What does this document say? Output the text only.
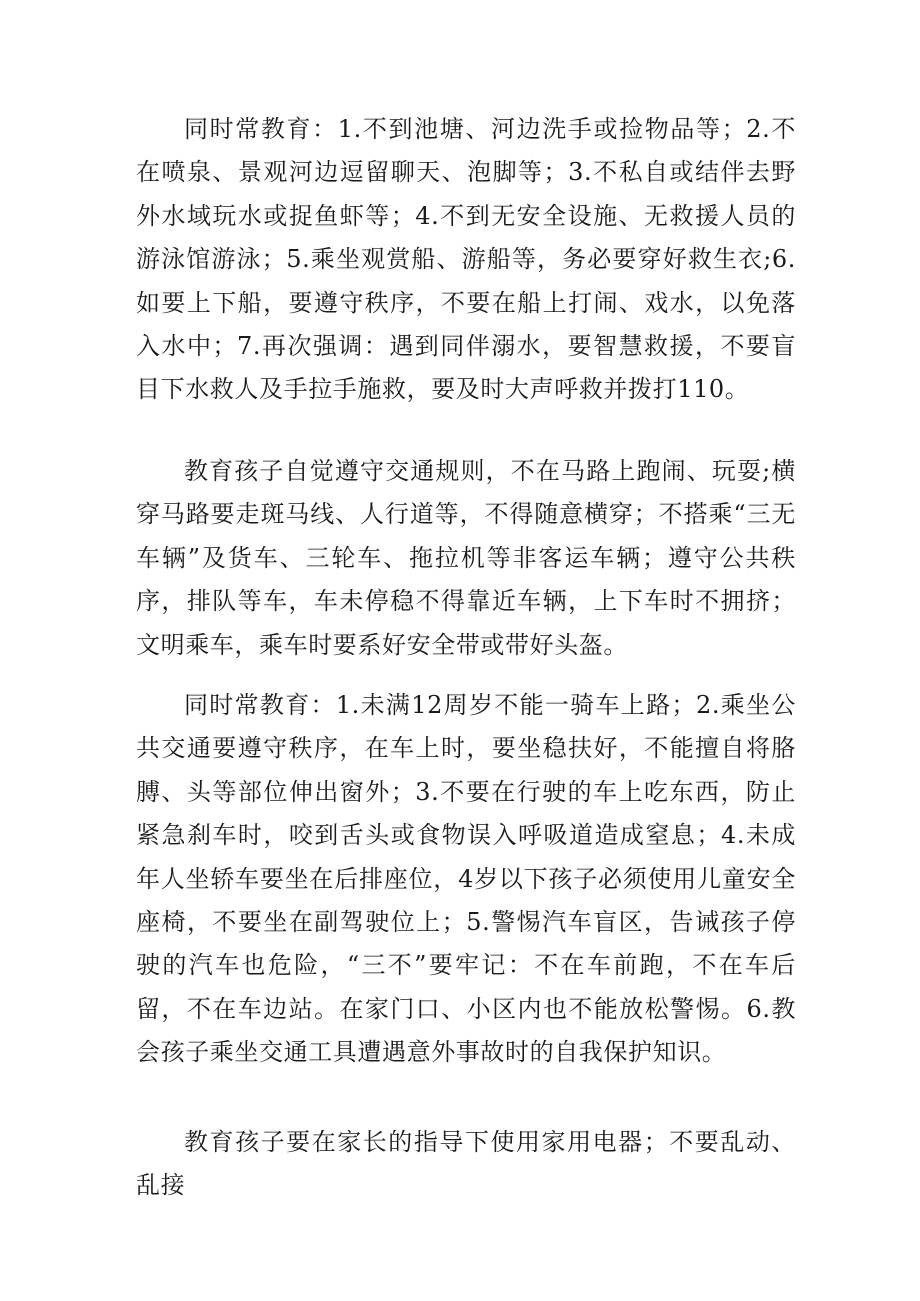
同时常教育：1.不到池塘、河边洗手或捡物品等；2.不在喷泉、景观河边逗留聊天、泡脚等；3.不私自或结伴去野外水域玩水或捉鱼虾等；4.不到无安全设施、无救援人员的游泳馆游泳；5.乘坐观赏船、游船等，务必要穿好救生衣;6.如要上下船，要遵守秩序，不要在船上打闹、戏水，以免落入水中；7.再次强调：遇到同伴溺水，要智慧救援，不要盲目下水救人及手拉手施救，要及时大声呼救并拨打110。

教育孩子自觉遵守交通规则，不在马路上跑闹、玩耍;横穿马路要走斑马线、人行道等，不得随意横穿；不搭乘“三无车辆”及货车、三轮车、拖拉机等非客运车辆；遵守公共秩序，排队等车，车未停稳不得靠近车辆，上下车时不拥挤；文明乘车，乘车时要系好安全带或带好头盔。

同时常教育：1.未满12周岁不能一骑车上路；2.乘坐公共交通要遵守秩序，在车上时，要坐稳扶好，不能擅自将胳膊、头等部位伸出窗外；3.不要在行驶的车上吃东西，防止紧急刹车时，咬到舌头或食物误入呼吸道造成窒息；4.未成年人坐轿车要坐在后排座位，4岁以下孩子必须使用儿童安全座椅，不要坐在副驾驶位上；5.警惕汽车盲区，告诫孩子停驶的汽车也危险，“三不”要牢记：不在车前跑，不在车后留，不在车边站。在家门口、小区内也不能放松警惕。6.教会孩子乘坐交通工具遭遇意外事故时的自我保护知识。

教育孩子要在家长的指导下使用家用电器；不要乱动、乱接
